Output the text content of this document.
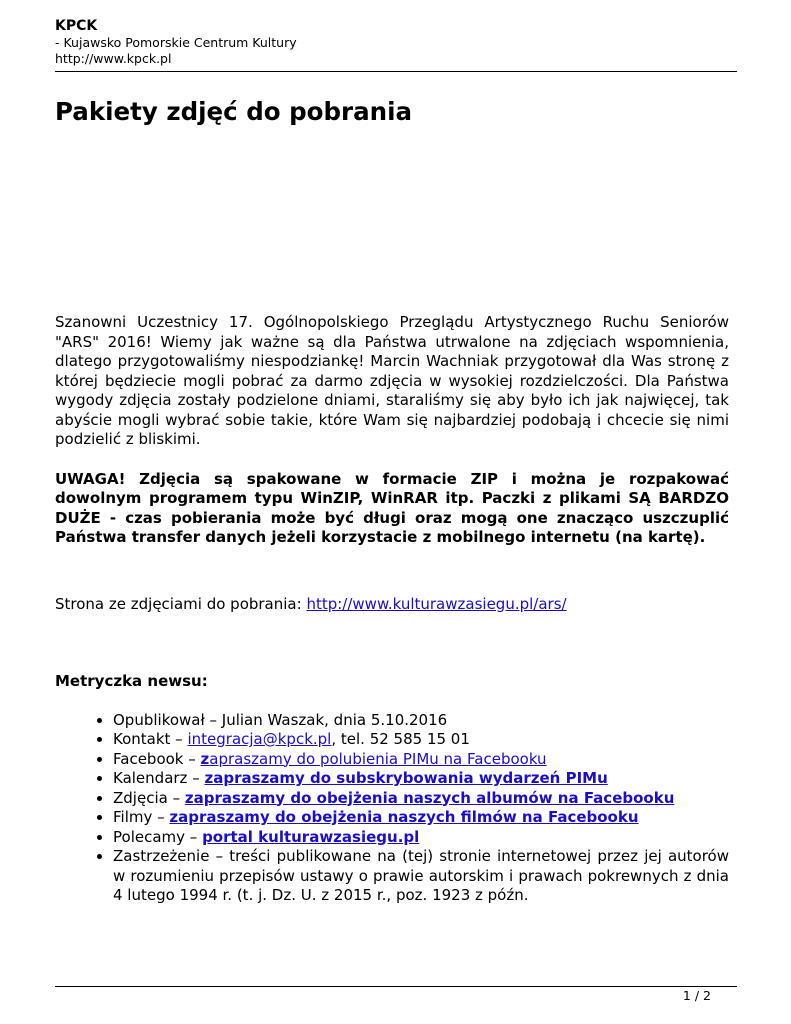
KPCK
- Kujawsko Pomorskie Centrum Kultury
http://www.kpck.pl
Pakiety zdjęć do pobrania

Szanowni Uczestnicy 17. Ogólnopolskiego Przeglądu Artystycznego Ruchu Seniorów "ARS" 2016! Wiemy jak ważne są dla Państwa utrwalone na zdjęciach wspomnienia, dlatego przygotowaliśmy niespodziankę! Marcin Wachniak przygotował dla Was stronę z której będziecie mogli pobrać za darmo zdjęcia w wysokiej rozdzielczości. Dla Państwa wygody zdjęcia zostały podzielone dniami, staraliśmy się aby było ich jak najwięcej, tak abyście mogli wybrać sobie takie, które Wam się najbardziej podobają i chcecie się nimi podzielić z bliskimi.

UWAGA! Zdjęcia są spakowane w formacie ZIP i można je rozpakować dowolnym programem typu WinZIP, WinRAR itp. Paczki z plikami SĄ BARDZO DUŻE - czas pobierania może być długi oraz mogą one znacząco uszczuplić Państwa transfer danych jeżeli korzystacie z mobilnego internetu (na kartę).

Strona ze zdjęciami do pobrania: http://www.kulturawzasiegu.pl/ars/

Metryczka newsu:

• Opublikował – Julian Waszak, dnia 5.10.2016
• Kontakt – integracja@kpck.pl, tel. 52 585 15 01
• Facebook – zapraszamy do polubienia PIMu na Facebooku
• Kalendarz – zapraszamy do subskrybowania wydarzeń PIMu
• Zdjęcia – zapraszamy do obejżenia naszych albumów na Facebooku
• Filmy – zapraszamy do obejżenia naszych filmów na Facebooku
• Polecamy – portal kulturawzasiegu.pl
• Zastrzeżenie – treści publikowane na (tej) stronie internetowej przez jej autorów w rozumieniu przepisów ustawy o prawie autorskim i prawach pokrewnych z dnia 4 lutego 1994 r. (t. j. Dz. U. z 2015 r., poz. 1923 z późn.
1 / 2
